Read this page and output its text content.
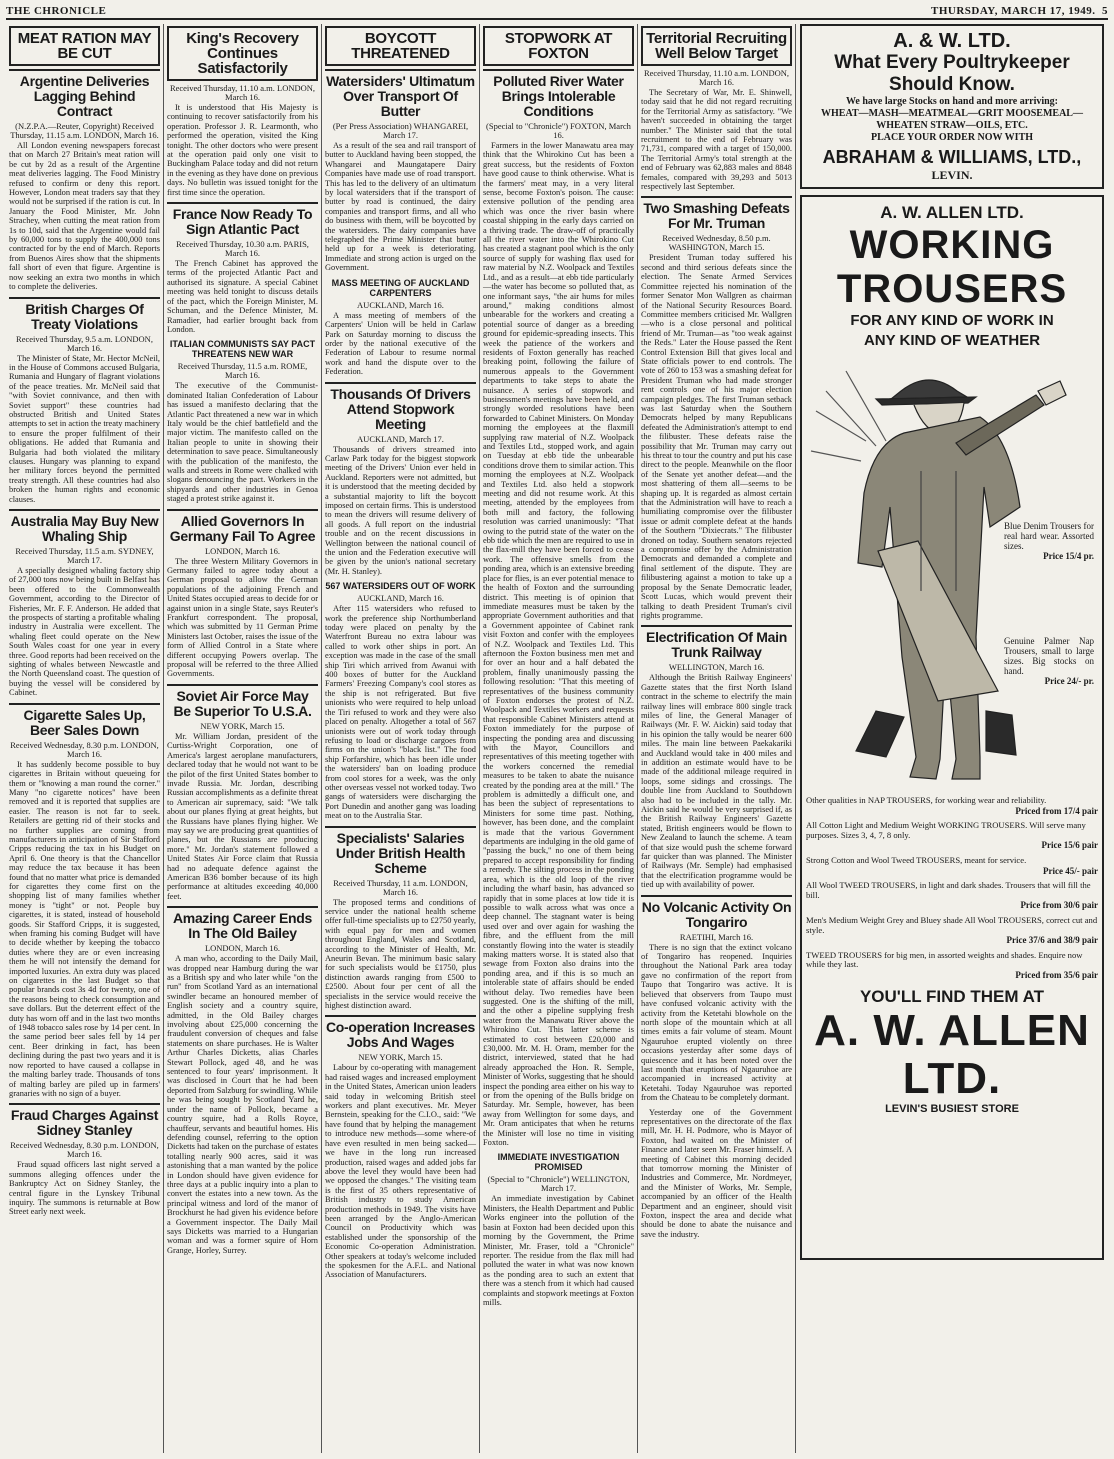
THE CHRONICLE	THURSDAY, MARCH 17, 1949. 5
MEAT RATION MAY BE CUT
Argentine Deliveries Lagging Behind Contract

(N.Z.P.A.—Reuter, Copyright) Received Thursday, 11.15 a.m. LONDON, March 16.

All London evening newspapers forecast that on March 27 Britain's meat ration will be cut by 2d as a result of the Argentine meat deliveries lagging. The Food Ministry refused to confirm or deny this report. However, London meat traders say that they would not be surprised if the ration is cut. In January the Food Minister, Mr. John Strachey, when cutting the meat ration from 1s to 10d, said that the Argentine would fail by 60,000 tons to supply the 400,000 tons contracted for by the end of March. Reports from Buenos Aires show that the shipments fall short of even that figure. Argentine is now seeking an extra two months in which to complete the deliveries.

British Charges Of Treaty Violations

Received Thursday, 9.5 a.m. LONDON, March 16.

The Minister of State, Mr. Hector McNeil, in the House of Commons accused Bulgaria, Rumania and Hungary of flagrant violations of the peace treaties. Mr. McNeil said that "with Soviet connivance, and then with Soviet support" these countries had obstructed British and United States attempts to set in action the treaty machinery to ensure the proper fulfilment of their obligations. He added that Rumania and Bulgaria had both violated the military clauses. Hungary was planning to expand her military forces beyond the permitted treaty strength. All these countries had also broken the human rights and economic clauses.

Australia May Buy New Whaling Ship

Received Thursday, 11.5 a.m. SYDNEY, March 17.

A specially designed whaling factory ship of 27,000 tons now being built in Belfast has been offered to the Commonwealth Government, according to the Director of Fisheries, Mr. F. F. Anderson. He added that the prospects of starting a profitable whaling industry in Australia were excellent. The whaling fleet could operate on the New South Wales coast for one year in every three. Good reports had been received on the sighting of whales between Newcastle and the North Queensland coast. The question of buying the vessel will be considered by Cabinet.

Cigarette Sales Up, Beer Sales Down

Received Wednesday, 8.30 p.m. LONDON, March 16.

It has suddenly become possible to buy cigarettes in Britain without queueing for them or "knowing a man round the corner." Many "no cigarette notices" have been removed and it is reported that supplies are easier. The reason is not far to seek. Retailers are getting rid of their stocks and no further supplies are coming from manufacturers in anticipation of Sir Stafford Cripps reducing the tax in his Budget on April 6. One theory is that the Chancellor may reduce the tax because it has been found that no matter what price is demanded for cigarettes they come first on the shopping list of many families whether money is "tight" or not. People buy cigarettes, it is stated, instead of household goods. Sir Stafford Cripps, it is suggested, when framing his coming Budget will have to decide whether by keeping the tobacco duties where they are or even increasing them he will not intensify the demand for imported luxuries. An extra duty was placed on cigarettes in the last Budget so that popular brands cost 3s 4d for twenty, one of the reasons being to check consumption and save dollars. But the deterrent effect of the duty has worn off and in the last two months of 1948 tobacco sales rose by 14 per cent. In the same period beer sales fell by 14 per cent. Beer drinking in fact, has been declining during the past two years and it is now reported to have caused a collapse in the malting barley trade. Thousands of tons of malting barley are piled up in farmers' granaries with no sign of a buyer.

Fraud Charges Against Sidney Stanley

Received Wednesday, 8.30 p.m. LONDON, March 16.

Fraud squad officers last night served a summons alleging offences under the Bankruptcy Act on Sidney Stanley, the central figure in the Lynskey Tribunal inquiry. The summons is returnable at Bow Street early next week.

King's Recovery Continues Satisfactorily

Received Thursday, 11.10 a.m. LONDON, March 16.

It is understood that His Majesty is continuing to recover satisfactorily from his operation. Professor J. R. Learmonth, who performed the operation, visited the King tonight. The other doctors who were present at the operation paid only one visit to Buckingham Palace today and did not return in the evening as they have done on previous days. No bulletin was issued tonight for the first time since the operation.

France Now Ready To Sign Atlantic Pact

Received Thursday, 10.30 a.m. PARIS, March 16.

The French Cabinet has approved the terms of the projected Atlantic Pact and authorised its signature. A special Cabinet meeting was held tonight to discuss details of the pact, which the Foreign Minister, M. Schuman, and the Defence Minister, M. Ramadier, had earlier brought back from London.

ITALIAN COMMUNISTS SAY PACT THREATENS NEW WAR

Received Thursday, 11.5 a.m. ROME, March 16.

The executive of the Communist-dominated Italian Confederation of Labour has issued a manifesto declaring that the Atlantic Pact threatened a new war in which Italy would be the chief battlefield and the major victim. The manifesto called on the Italian people to unite in showing their determination to save peace. Simultaneously with the publication of the manifesto, the walls and streets in Rome were chalked with slogans denouncing the pact. Workers in the shipyards and other industries in Genoa staged a protest strike against it.

Allied Governors In Germany Fail To Agree

LONDON, March 16.

The three Western Military Governors in Germany failed to agree today about a German proposal to allow the German populations of the adjoining French and United States occupied areas to decide for or against union in a single State, says Reuter's Frankfurt correspondent. The proposal, which was submitted by 11 German Prime Ministers last October, raises the issue of the form of Allied Control in a State where different occupying Powers overlap. The proposal will be referred to the three Allied Governments.

Soviet Air Force May Be Superior To U.S.A.

NEW YORK, March 15.

Mr. William Jordan, president of the Curtiss-Wright Corporation, one of America's largest aeroplane manufacturers, declared today that he would not want to be the pilot of the first United States bomber to invade Russia. Mr. Jordan, describing Russian accomplishments as a definite threat to American air supremacy, said: "We talk about our planes flying at great heights, but the Russians have planes flying higher. We may say we are producing great quantities of planes, but the Russians are producing more." Mr. Jordan's statement followed a United States Air Force claim that Russia had no adequate defence against the American B36 bomber because of its high performance at altitudes exceeding 40,000 feet.

Amazing Career Ends In The Old Bailey

LONDON, March 16.

A man who, according to the Daily Mail, was dropped near Hamburg during the war as a British spy and who later while "on the run" from Scotland Yard as an international swindler became an honoured member of English society and a country squire, admitted, in the Old Bailey charges involving about £25,000 concerning the fraudulent conversion of cheques and false statements on share purchases. He is Walter Arthur Charles Dicketts, alias Charles Stewart Pollock, aged 48, and he was sentenced to four years' imprisonment. It was disclosed in Court that he had been deported from Salzburg for swindling. While he was being sought by Scotland Yard he, under the name of Pollock, became a country squire, had a Rolls Royce, chauffeur, servants and beautiful homes. His defending counsel, referring to the option Dicketts had taken on the purchase of estates totalling nearly 900 acres, said it was astonishing that a man wanted by the police in London should have given evidence for three days at a public inquiry into a plan to convert the estates into a new town. As the principal witness and lord of the manor of Brockhurst he had given his evidence before a Government inspector. The Daily Mail says Dicketts was married to a Hungarian woman and was a former squire of Horn Grange, Horley, Surrey.

BOYCOTT THREATENED
Watersiders' Ultimatum Over Transport Of Butter

(Per Press Association) WHANGAREI, March 17.

As a result of the sea and rail transport of butter to Auckland having been stopped, the Whangarei and Maungatapere Dairy Companies have made use of road transport. This has led to the delivery of an ultimatum by local watersiders that if the transport of butter by road is continued, the dairy companies and transport firms, and all who do business with them, will be boycotted by the watersiders. The dairy companies have telegraphed the Prime Minister that butter held up for a week is deteriorating. Immediate and strong action is urged on the Government.

MASS MEETING OF AUCKLAND CARPENTERS

AUCKLAND, March 16.

A mass meeting of members of the Carpenters' Union will be held in Carlaw Park on Saturday morning to discuss the order by the national executive of the Federation of Labour to resume normal work and hand the dispute over to the Federation.

Thousands Of Drivers Attend Stopwork Meeting

AUCKLAND, March 17.

Thousands of drivers streamed into Carlaw Park today for the biggest stopwork meeting of the Drivers' Union ever held in Auckland. Reporters were not admitted, but it is understood that the meeting decided by a substantial majority to lift the boycott imposed on certain firms. This is understood to mean the drivers will resume delivery of all goods. A full report on the industrial trouble and on the recent discussions in Wellington between the national council of the union and the Federation executive will be given by the union's national secretary (Mr. H. Stanley).

567 WATERSIDERS OUT OF WORK

AUCKLAND, March 16.

After 115 watersiders who refused to work the preference ship Northumberland today were placed on penalty by the Waterfront Bureau no extra labour was called to work other ships in port. An exception was made in the case of the small ship Tiri which arrived from Awanui with 400 boxes of butter for the Auckland Farmers' Freezing Company's cool stores as the ship is not refrigerated. But five unionists who were required to help unload the Tiri refused to work and they were also placed on penalty. Altogether a total of 567 unionists were out of work today through refusing to load or discharge cargoes from firms on the union's "black list." The food ship Forfarshire, which has been idle under the watersiders' ban on loading produce from cool stores for a week, was the only other overseas vessel not worked today. Two gangs of watersiders were discharging the Port Dunedin and another gang was loading meat on to the Australia Star.

Specialists' Salaries Under British Health Scheme

Received Thursday, 11 a.m. LONDON, March 16.

The proposed terms and conditions of service under the national health scheme offer full-time specialists up to £2750 yearly, with equal pay for men and women throughout England, Wales and Scotland, according to the Minister of Health, Mr. Aneurin Bevan. The minimum basic salary for such specialists would be £1750, plus distinction awards ranging from £500 to £2500. About four per cent of all the specialists in the service would receive the highest distinction award.

Co-operation Increases Jobs And Wages

NEW YORK, March 15.

Labour by co-operating with management had raised wages and increased employment in the United States, American union leaders said today in welcoming British steel workers and plant executives. Mr. Meyer Bernstein, speaking for the C.I.O., said: "We have found that by helping the management to introduce new methods—some where-of have even resulted in men being sacked—we have in the long run increased production, raised wages and added jobs far above the level they would have been had we opposed the changes." The visiting team is the first of 35 others representative of British industry to study American production methods in 1949. The visits have been arranged by the Anglo-American Council on Productivity which was established under the sponsorship of the Economic Co-operation Administration. Other speakers at today's welcome included the spokesmen for the A.F.L. and National Association of Manufacturers.

STOPWORK AT FOXTON
Polluted River Water Brings Intolerable Conditions

(Special to "Chronicle") FOXTON, March 16.

Farmers in the lower Manawatu area may think that the Whirokino Cut has been a great success, but the residents of Foxton have good cause to think otherwise. What is the farmers' meat may, in a very literal sense, become Foxton's poison. The cause: extensive pollution of the pending area which was once the river basin where coastal shipping in the early days carried on a thriving trade. The draw-off of practically all the river water into the Whirokino Cut has created a stagnant pool which is the only source of supply for washing flax used for raw material by N.Z. Woolpack and Textiles Ltd., and as a result—at ebb tide particularly—the water has become so polluted that, as one informant says, "the air hums for miles around," making conditions almost unbearable for the workers and creating a potential source of danger as a breeding ground for epidemic-spreading insects. This week the patience of the workers and residents of Foxton generally has reached breaking point, following the failure of numerous appeals to the Government departments to take steps to abate the nuisance. A series of stopwork and businessmen's meetings have been held, and strongly worded resolutions have been forwarded to Cabinet Ministers. On Monday morning the employees at the flaxmill supplying raw material of N.Z. Woolpack and Textiles Ltd., stopped work, and again on Tuesday at ebb tide the unbearable conditions drove them to similar action. This morning the employees at N.Z. Woolpack and Textiles Ltd. also held a stopwork meeting and did not resume work. At this meeting, attended by the employees from both mill and factory, the following resolution was carried unanimously: "That owing to the putrid state of the water on the ebb tide which the men are required to use in the flax-mill they have been forced to cease work. The offensive smells from the ponding area, which is an extensive breeding place for flies, is an ever potential menace to the health of Foxton and the surrounding district. This meeting is of opinion that immediate measures must be taken by the appropriate Government authorities and that a Government appointee of Cabinet rank visit Foxton and confer with the employees of N.Z. Woolpack and Textiles Ltd. This afternoon the Foxton business men met and for over an hour and a half debated the problem, finally unanimously passing the following resolution: "That this meeting of representatives of the business community of Foxton endorses the protest of N.Z. Woolpack and Textiles workers and requests that responsible Cabinet Ministers attend at Foxton immediately for the purpose of inspecting the ponding area and discussing with the Mayor, Councillors and representatives of this meeting together with the workers concerned the remedial measures to be taken to abate the nuisance created by the ponding area at the mill." The problem is admittedly a difficult one, and has been the subject of representations to Ministers for some time past. Nothing, however, has been done, and the complaint is made that the various Government departments are indulging in the old game of "passing the buck," no one of them being prepared to accept responsibility for finding a remedy. The silting process in the ponding area, which is the old loop of the river including the wharf basin, has advanced so rapidly that in some places at low tide it is possible to walk across what was once a deep channel. The stagnant water is being used over and over again for washing the fibre, and the effluent from the mill constantly flowing into the water is steadily making matters worse. It is stated also that sewage from Foxton also drains into the ponding area, and if this is so much an intolerable state of affairs should be ended without delay. Two remedies have been suggested. One is the shifting of the mill, and the other a pipeline supplying fresh water from the Manawatu River above the Whirokino Cut. This latter scheme is estimated to cost between £20,000 and £30,000. Mr. M. H. Oram, member for the district, interviewed, stated that he had already approached the Hon. R. Semple, Minister of Works, suggesting that he should inspect the ponding area either on his way to or from the opening of the Bulls bridge on Saturday. Mr. Semple, however, has been away from Wellington for some days, and Mr. Oram anticipates that when he returns the Minister will lose no time in visiting Foxton.

IMMEDIATE INVESTIGATION PROMISED

(Special to "Chronicle") WELLINGTON, March 17.

An immediate investigation by Cabinet Ministers, the Health Department and Public Works engineer into the pollution of the basin at Foxton had been decided upon this morning by the Government, the Prime Minister, Mr. Fraser, told a "Chronicle" reporter. The residue from the flax mill had polluted the water in what was now known as the ponding area to such an extent that there was a stench from it which had caused complaints and stopwork meetings at Foxton mills.

Territorial Recruiting Well Below Target

Received Thursday, 11.10 a.m. LONDON, March 16.

The Secretary of War, Mr. E. Shinwell, today said that he did not regard recruiting for the Territorial Army as satisfactory. "We haven't succeeded in obtaining the target number." The Minister said that the total recruitment to the end of February was 71,731, compared with a target of 150,000. The Territorial Army's total strength at the end of February was 62,883 males and 8848 females, compared with 39,293 and 5013 respectively last September.

Two Smashing Defeats For Mr. Truman

Received Wednesday, 8.50 p.m. WASHINGTON, March 15.

President Truman today suffered his second and third serious defeats since the election. The Senate Armed Services Committee rejected his nomination of the former Senator Mon Wallgren as chairman of the National Security Resources Board. Committee members criticised Mr. Wallgren—who is a close personal and political friend of Mr. Truman—as "too weak against the Reds." Later the House passed the Rent Control Extension Bill that gives local and State officials power to end controls. The vote of 260 to 153 was a smashing defeat for President Truman who had made stronger rent controls one of his major election campaign pledges. The first Truman setback was last Saturday when the Southern Democrats helped by many Republicans defeated the Administration's attempt to end the filibuster. These defeats raise the possibility that Mr. Truman may carry out his threat to tour the country and put his case direct to the people. Meanwhile on the floor of the Senate yet another defeat—and the most shattering of them all—seems to be shaping up. It is regarded as almost certain that the Administration will have to reach a humiliating compromise over the filibuster issue or admit complete defeat at the hands of the Southern "Dixiecrats." The filibuster droned on today. Southern senators rejected a compromise offer by the Administration Democrats and demanded a complete and final settlement of the dispute. They are filibustering against a motion to take up a proposal by the Senate Democratic leader, Scott Lucas, which would prevent their talking to death President Truman's civil rights programme.

Electrification Of Main Trunk Railway

WELLINGTON, March 16.

Although the British Railway Engineers' Gazette states that the first North Island contract in the scheme to electrify the main railway lines will embrace 800 single track miles of line, the General Manager of Railways (Mr. F. W. Aickin) said today that in his opinion the tally would be nearer 600 miles. The main line between Paekakariki and Auckland would take in 400 miles and in addition an estimate would have to be made of the additional mileage required in loops, some sidings and crossings. The double line from Auckland to Southdown also had to be included in the tally. Mr. Aickin said he would be very surprised if, as the British Railway Engineers' Gazette stated, British engineers would be flown to New Zealand to launch the scheme. A team of that size would push the scheme forward far quicker than was planned. The Minister of Railways (Mr. Semple) had emphasised that the electrification programme would be tied up with availability of power.

No Volcanic Activity On Tongariro

RAETIHI, March 16.

There is no sign that the extinct volcano of Tongariro has reopened. Inquiries throughout the National Park area today gave no confirmation of the report from Taupo that Tongariro was active. It is believed that observers from Taupo must have confused volcanic activity with the activity from the Ketetahi blowhole on the north slope of the mountain which at all times emits a fair volume of steam. Mount Ngauruhoe erupted violently on three occasions yesterday after some days of quiescence and it has been noted over the last month that eruptions of Ngauruhoe are accompanied in increased activity at Ketetahi. Today Ngauruhoe was reported from the Chateau to be completely dormant.

Yesterday one of the Government representatives on the directorate of the flax mill, Mr. H. H. Podmore, who is Mayor of Foxton, had waited on the Minister of Finance and later seen Mr. Fraser himself. A meeting of Cabinet this morning decided that tomorrow morning the Minister of Industries and Commerce, Mr. Nordmeyer, and the Minister of Works, Mr. Semple, accompanied by an officer of the Health Department and an engineer, should visit Foxton, inspect the area and decide what should be done to abate the nuisance and save the industry.

A. & W. LTD.
What Every Poultrykeeper Should Know.
We have large Stocks on hand and more arriving:
WHEAT—MASH—MEATMEAL—GRIT MOOSEMEAL—WHEATEN STRAW—OILS, ETC.
PLACE YOUR ORDER NOW WITH
ABRAHAM & WILLIAMS, LTD.,
LEVIN.
A. W. ALLEN LTD.
WORKING
TROUSERS
FOR ANY KIND OF WORK IN
ANY KIND OF WEATHER
Blue Denim Trousers for real hard wear. Assorted sizes.
Price 15/4 pr.
Genuine Palmer Nap Trousers, small to large sizes. Big stocks on hand.
Price 24/- pr.
Other qualities in NAP TROUSERS, for working wear and reliability.
Priced from 17/4 pair
All Cotton Light and Medium Weight WORKING TROUSERS. Will serve many purposes. Sizes 3, 4, 7, 8 only.
Price 15/6 pair
Strong Cotton and Wool Tweed TROUSERS, meant for service.
Price 45/- pair
All Wool TWEED TROUSERS, in light and dark shades. Trousers that will fill the bill.
Price from 30/6 pair
Men's Medium Weight Grey and Bluey shade All Wool TROUSERS, correct cut and style.
Price 37/6 and 38/9 pair
TWEED TROUSERS for big men, in assorted weights and shades. Enquire now while they last.
Priced from 35/6 pair
YOU'LL FIND THEM AT
A. W. ALLEN LTD.
LEVIN'S BUSIEST STORE
